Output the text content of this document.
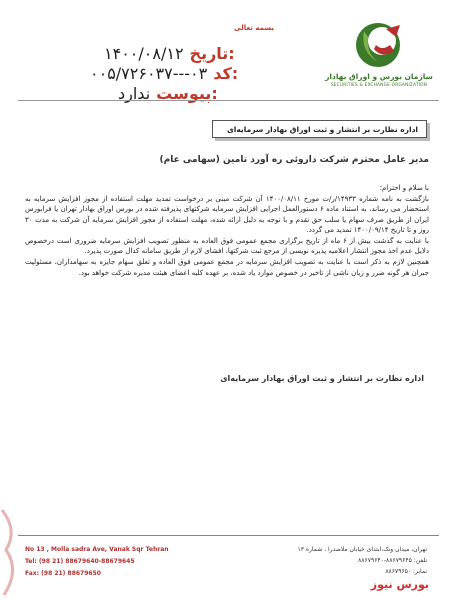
بسمه تعالی
تاریخ:
۱۴۰۰/۰۸/۱۲
کد:
۰۰۵/۷۲۶۰۳۷---۰۳
پیوست:
ندارد
سازمان بورس و اوراق بهادار
SECURITIES & EXCHANGE ORGANIZATION
اداره نظارت بر انتشار و ثبت اوراق بهادار سرمایه‌ای
مدیر عامل محترم شرکت داروئی ره آورد تامین (سهامی عام)

با سلام و احترام؛

بازگشت به نامه شماره ۱۴۹۳۳/ر/ت مورخ ۱۴۰۰/۰۸/۱۱ آن شرکت مبنی بر درخواست تمدید مهلت استفاده از مجوز افزایش سرمایه به استحضار می رساند، به استناد ماده ۶ دستورالعمل اجرایی افزایش سرمایه شرکتهای پذیرفته شده در بورس اوراق بهادار تهران یا فرابورس ایران از طریق صرف سهام یا سلب حق تقدم و با توجه به دلیل ارائه شده، مهلت استفاده از مجوز افزایش سرمایه آن شرکت به مدت ۳۰ روز و تا تاریخ ۱۴۰۰/۰۹/۱۴ تمدید می گردد.

با عنایت به گذشت بیش از ۶ ماه از تاریخ برگزاری مجمع عمومی فوق العاده به منظور تصویب افزایش سرمایه ضروری است درخصوص دلایل عدم اخذ مجوز انتشار اعلامیه پذیره نویسی از مرجع ثبت شرکتها، افشای لازم از طریق سامانه کدال صورت پذیرد.

همچنین لازم به ذکر است با عنایت به تصویب افزایش سرمایه در مجمع عمومی فوق العاده و تعلق سهام جایزه به سهامداران، مسئولیت جبران هر گونه ضرر و زیان ناشی از تاخیر در خصوص موارد یاد شده، بر عهده کلیه اعضای هیئت مدیره شرکت خواهد بود.

اداره نظارت بر انتشار و ثبت اوراق بهادار سرمایه‌ای
No 13 , Molla sadra Ave, Vanak Sqr Tehran
Tel: (98 21) 88679640-88679645
Fax: (98 21) 88679650
تهران، میدان ونک،ابتدای خیابان ملاصدرا ، شماره ۱۳
تلفن: ۸۸۶۷۹۶۴۵-۸۸۶۷۹۶۴۰
نمابر: ۸۸۶۷۹۶۵۰
بورس نیوز
